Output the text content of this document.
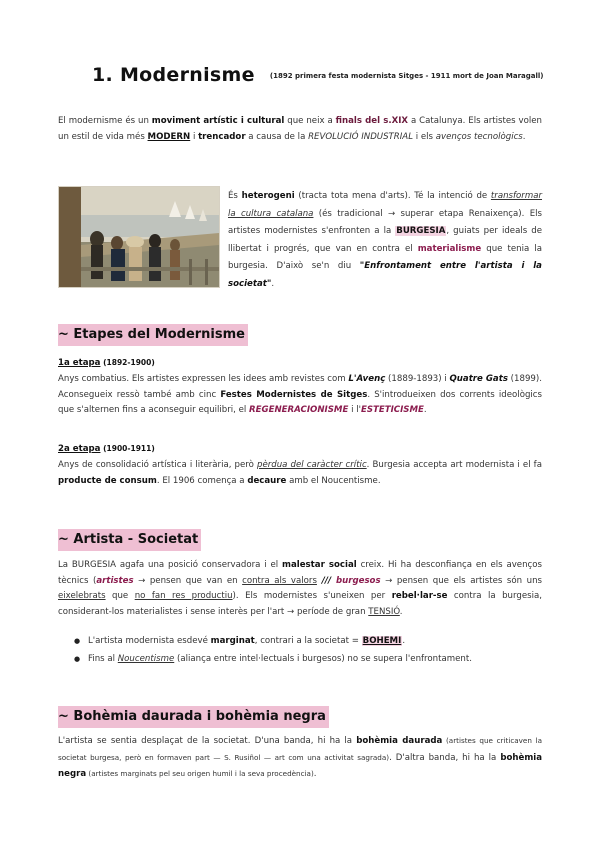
1. Modernisme (1892 primera festa modernista Sitges - 1911 mort de Joan Maragall)
El modernisme és un moviment artístic i cultural que neix a finals del s.XIX a Catalunya. Els artistes volen un estil de vida més MODERN i trencador a causa de la REVOLUCIÓ INDUSTRIAL i els avenços tecnològics.
És heterogeni (tracta tota mena d'arts). Té la intenció de transformar la cultura catalana (és tradicional → superar etapa Renaixença). Els artistes modernistes s'enfronten a la BURGESIA, guiats per ideals de llibertat i progrés, que van en contra el materialisme que tenia la burgesia. D'això se'n diu "Enfrontament entre l'artista i la societat".
~ Etapes del Modernisme
1a etapa (1892-1900)
Anys combatius. Els artistes expressen les idees amb revistes com L'Avenç (1889-1893) i Quatre Gats (1899). Aconsegueix ressò també amb cinc Festes Modernistes de Sitges. S'introdueixen dos corrents ideològics que s'alternen fins a aconseguir equilibri, el REGENERACIONISME i l'ESTETICISME.
2a etapa (1900-1911)
Anys de consolidació artística i literària, però pèrdua del caràcter crític. Burgesia accepta art modernista i el fa producte de consum. El 1906 comença a decaure amb el Noucentisme.
~ Artista - Societat
La BURGESIA agafa una posició conservadora i el malestar social creix. Hi ha desconfiança en els avenços tècnics (artistes → pensen que van en contra als valors /// burgesos → pensen que els artistes són uns eixelebrats que no fan res productiu). Els modernistes s'uneixen per rebel·lar-se contra la burgesia, considerant-los materialistes i sense interès per l'art → període de gran TENSIÓ.
● L'artista modernista esdevé marginat, contrari a la societat = BOHEMI.
● Fins al Noucentisme (aliança entre intel·lectuals i burgesos) no se supera l'enfrontament.
~ Bohèmia daurada i bohèmia negra
L'artista se sentia desplaçat de la societat. D'una banda, hi ha la bohèmia daurada (artistes que criticaven la societat burgesa, però en formaven part — S. Rusiñol — art com una activitat sagrada). D'altra banda, hi ha la bohèmia negra (artistes marginats pel seu origen humil i la seva procedència).
